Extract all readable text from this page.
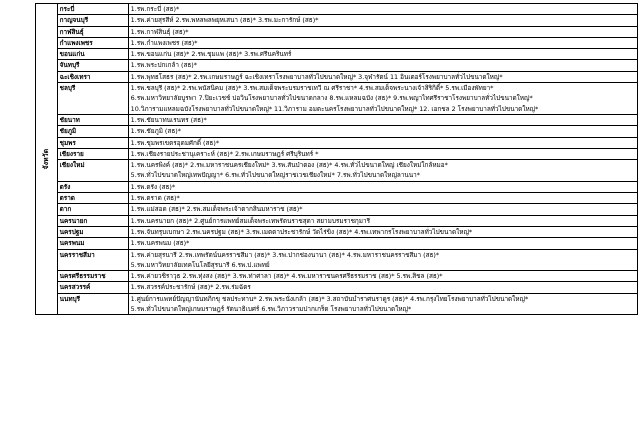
จังหวัด	กระบี่	1.รพ.กระบี่ (สธ)*

	กาญจนบุรี	1.รพ.ค่ายสุรสีห์ 2.รพ.พหลพลพยุหเสนา (สธ)* 3.รพ.มะการักษ์ (สธ)*

	กาฬสินธุ์	1.รพ.กาฬสินธุ์ (สธ)*

	กำแพงเพชร	1.รพ.กำแพงเพชร (สธ)*

	ขอนแก่น	1.รพ.ขอนแก่น (สธ)* 2.รพ.ชุมแพ (สธ)* 3.รพ.ศรีนครินทร์

	จันทบุรี	1.รพ.พระปกเกล้า (สธ)*

	ฉะเชิงเทรา	1.รพ.พุทธโสธร (สธ)* 2.รพ.เกษมราษฎร์ ฉะเชิงเทราโรงพยาบาลทั่วไปขนาดใหญ่* 3.จุฬารัตน์ 11 อินเตอร์โรงพยาบาลทั่วไปขนาดใหญ่*

	ชลบุรี	1.รพ.ชลบุรี (สธ)* 2.รพ.พนัสนิคม (สธ)* 3.รพ.สมเด็จพระบรมราชเทวี ณ ศรีราชา* 4.รพ.สมเด็จพระนางเจ้าสิริกิติ์* 5.รพ.เมืองพัทยา*
6.รพ.มหาวิทยาลัยบูรพา 7.ปิยะเวชช์ บ่อวินโรงพยาบาลทั่วไปขนาดกลาง 8.รพ.แหลมฉบัง (สธ)* 9.รพ.พญาไทศรีราชาโรงพยาบาลทั่วไปขนาดใหญ่*
10.วิภารามแหลมฉบังโรงพยาบาลทั่วไปขนาดใหญ่* 11.วิภาราม อมตะนครโรงพยาบาลทั่วไปขนาดใหญ่* 12. เอกชล 2 โรงพยาบาลทั่วไปขนาดใหญ่*

	ชัยนาท	1.รพ.ชัยนาทนเรนทร (สธ)*

	ชัยภูมิ	1.รพ.ชัยภูมิ (สธ)*

	ชุมพร	1.รพ.ชุมพรเขตรอุดมศักดิ์ (สธ)*

	เชียงราย	1.รพ.เชียงรายประชานุเคราะห์ (สธ)* 2.รพ.เกษมราษฎร์ ศรีบุรินทร์ *

	เชียงใหม่	1.รพ.นครพิงค์ (สธ)* 2.รพ.มหาราชนครเชียงใหม่* 3.รพ.สันป่าตอง (สธ)* 4.รพ.ทั่วไปขนาดใหญ่ เชียงใหม่ใกล้หมอ*
5.รพ.ทั่วไปขนาดใหญ่เทพปัญญา* 6.รพ.ทั่วไปขนาดใหญ่ราชเวชเชียงใหม่* 7.รพ.ทั่วไปขนาดใหญ่ลานนา*

	ตรัง	1.รพ.ตรัง (สธ)*

	ตราด	1.รพ.ตราด (สธ)*

	ตาก	1.รพ.แม่สอด (สธ)* 2.รพ.สมเด็จพระเจ้าตากสินมหาราช (สธ)*

	นครนายก	1.รพ.นครนายก (สธ)* 2.ศูนย์การแพทย์สมเด็จพระเทพรัตนราชสุดา สยามบรมราชกุมารี

	นครปฐม	1.รพ.จันทรุบเบกษา 2.รพ.นครปฐม (สธ)* 3.รพ.เมตตาประชารักษ์ วัดไร่ขิง (สธ)* 4.รพ.เทพากรโรงพยาบาลทั่วไปขนาดใหญ่*

	นครพนม	1.รพ.นครพนม (สธ)*

	นครราชสีมา	1.รพ.ค่ายสุรนารี 2.รพ.เทพรัตน์นครราชสีมา (สธ)* 3.รพ.ปากช่องนานา (สธ)* 4.รพ.มหาราชนครราชสีมา (สธ)*
5.รพ.มหาวิทยาลัยเทคโนโลยีสุรนารี 6.รพ.ป.แพทย์

	นครศรีธรรมราช	1.รพ.ค่ายวชิราวุธ 2.รพ.ทุ่งสง (สธ)* 3.รพ.ท่าศาลา (สธ)* 4.รพ.มหาราชนครศรีธรรมราช (สธ)* 5.รพ.สิชล (สธ)*

	นครสวรรค์	1.รพ.สวรรค์ประชารักษ์ (สธ)* 2.รพ.ร่มฉัตร

	นนทบุรี	1.ศูนย์การแพทย์ปัญญานันทภิกขุ ชลประทาน* 2.รพ.พระนั่งเกล้า (สธ)* 3.สถาบันบำราศนราดูร (สธ)* 4.รพ.กรุงไทยโรงพยาบาลทั่วไปขนาดใหญ่*
5.รพ.ทั่วไปขนาดใหญ่เกษมราษฎร์ รัตนาธิเบศร์ 6.รพ.วิภาวรามปากเกร็ด โรงพยาบาลทั่วไปขนาดใหญ่*
